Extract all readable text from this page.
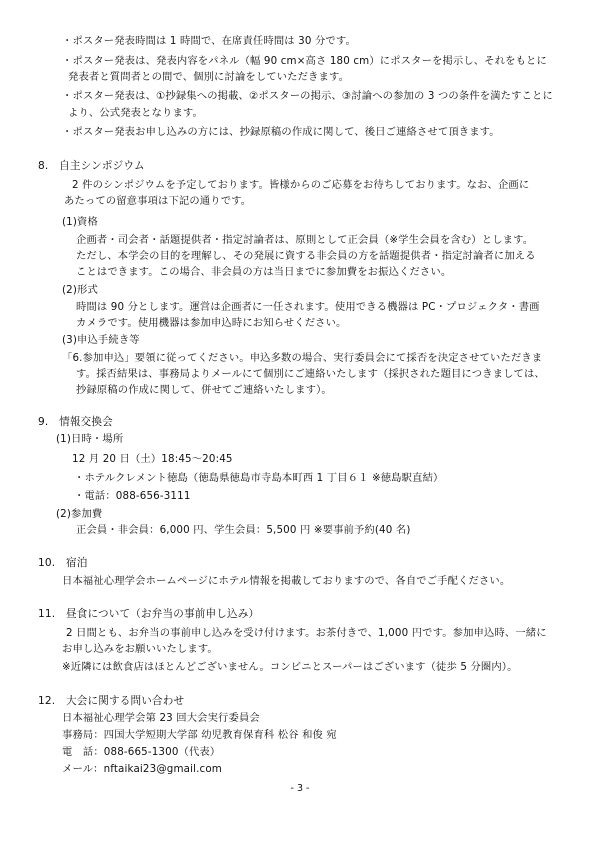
・ポスター発表時間は 1 時間で、在席責任時間は 30 分です。
・ポスター発表は、発表内容をパネル（幅 90 cm×高さ 180 cm）にポスターを掲示し、それをもとに
発表者と質問者との間で、個別に討論をしていただきます。
・ポスター発表は、①抄録集への掲載、②ポスターの掲示、③討論への参加の 3 つの条件を満たすことに
より、公式発表となります。
・ポスター発表お申し込みの方には、抄録原稿の作成に関して、後日ご連絡させて頂きます。
8.　自主シンポジウム
2 件のシンポジウムを予定しております。皆様からのご応募をお待ちしております。なお、企画に
あたっての留意事項は下記の通りです。
(1)資格
企画者・司会者・話題提供者・指定討論者は、原則として正会員（※学生会員を含む）とします。
ただし、本学会の目的を理解し、その発展に資する非会員の方を話題提供者・指定討論者に加える
ことはできます。この場合、非会員の方は当日までに参加費をお振込ください。
(2)形式
時間は 90 分とします。運営は企画者に一任されます。使用できる機器は PC・プロジェクタ・書画
カメラです。使用機器は参加申込時にお知らせください。
(3)申込手続き等
「6.参加申込」要領に従ってください。申込多数の場合、実行委員会にて採否を決定させていただきま
す。採否結果は、事務局よりメールにて個別にご連絡いたします（採択された題目につきましては、
抄録原稿の作成に関して、併せてご連絡いたします）。
9.　情報交換会
(1)日時・場所
12 月 20 日（土）18:45～20:45
・ホテルクレメント徳島（徳島県徳島市寺島本町西 1 丁目６１ ※徳島駅直結）
・電話：088-656-3111
(2)参加費
正会員・非会員：6,000 円、学生会員：5,500 円 ※要事前予約(40 名)
10.　宿泊
日本福祉心理学会ホームページにホテル情報を掲載しておりますので、各自でご手配ください。
11.　昼食について（お弁当の事前申し込み）
2 日間とも、お弁当の事前申し込みを受け付けます。お茶付きで、1,000 円です。参加申込時、一緒に
お申し込みをお願いいたします。
※近隣には飲食店はほとんどございません。コンビニとスーパーはございます（徒歩 5 分圏内）。
12.　大会に関する問い合わせ
日本福祉心理学会第 23 回大会実行委員会
事務局：四国大学短期大学部 幼児教育保育科 松谷 和俊 宛
電　話：088-665-1300（代表）
メール：nftaikai23@gmail.com
- 3 -
